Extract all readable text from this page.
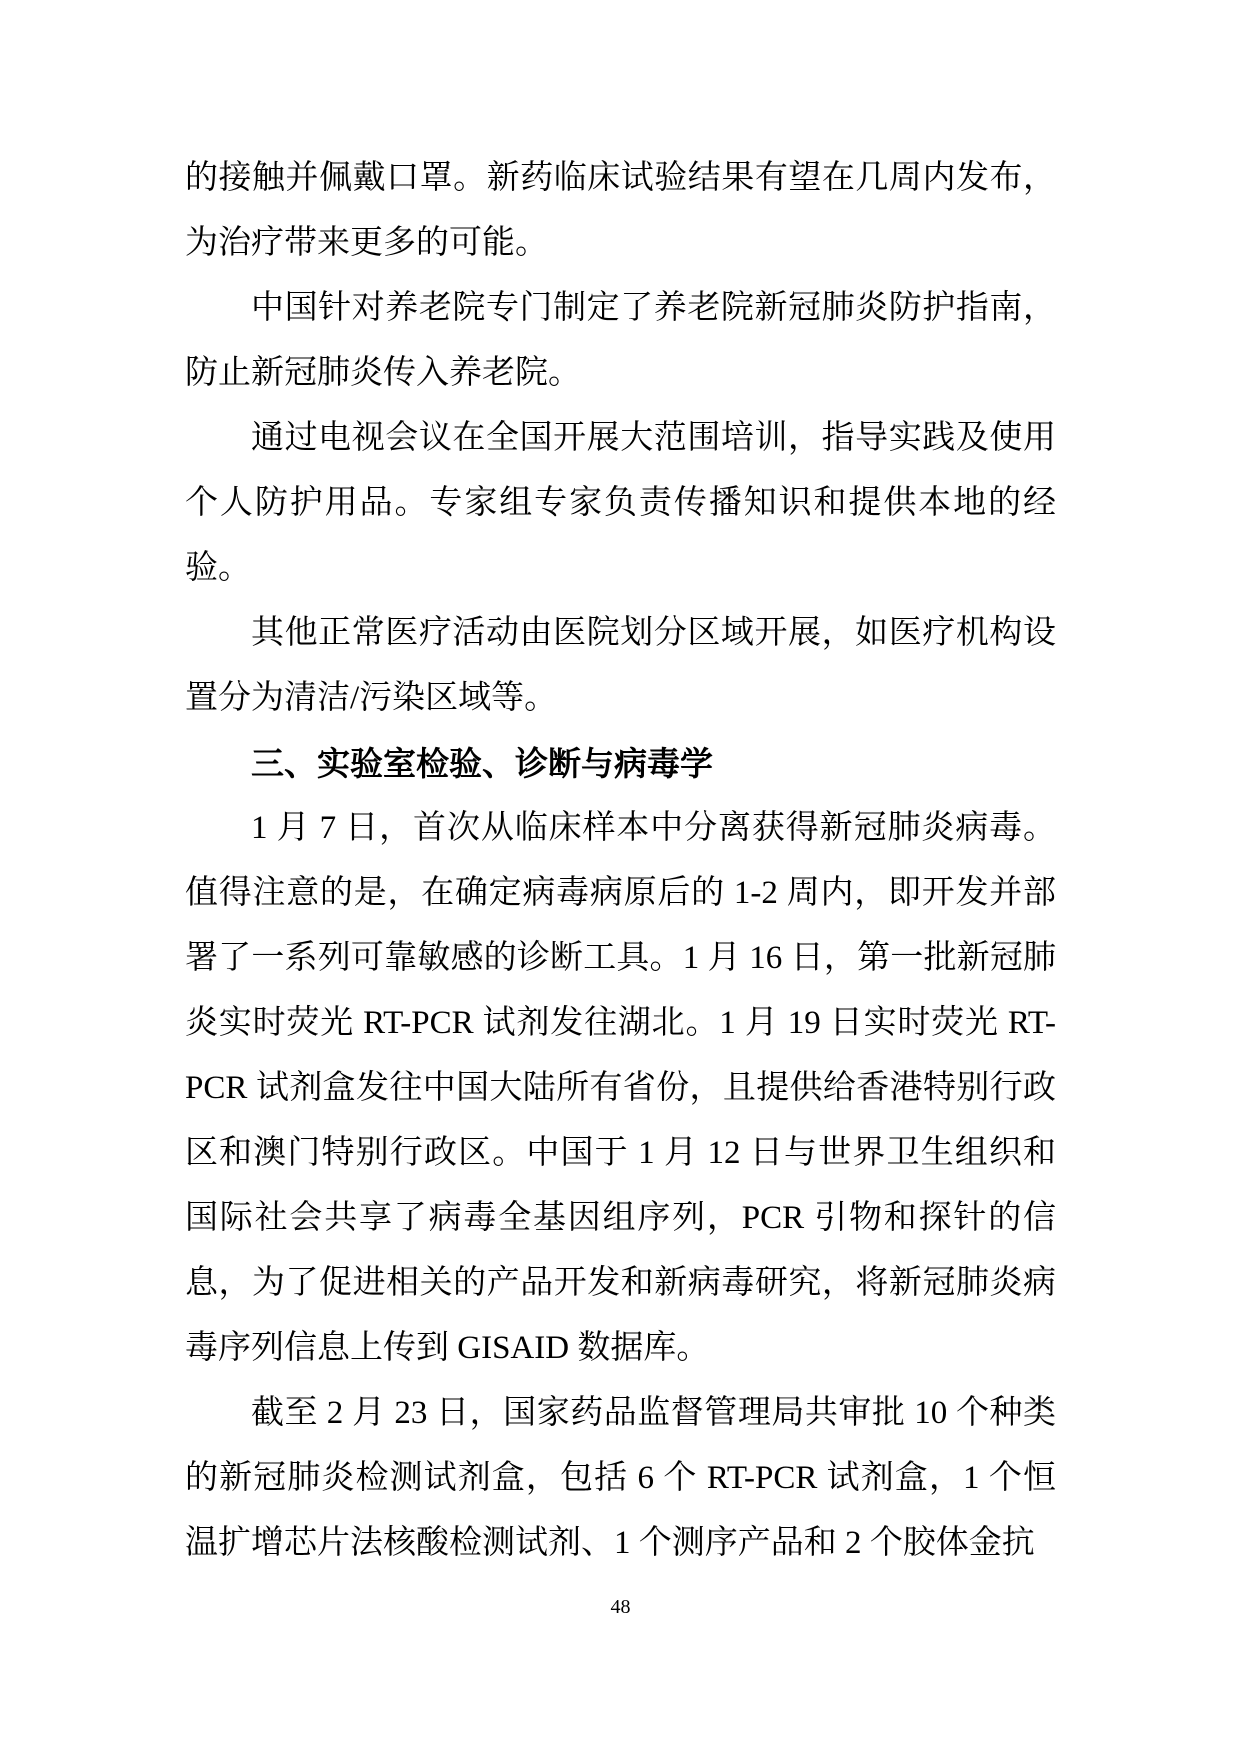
的接触并佩戴口罩。新药临床试验结果有望在几周内发布，为治疗带来更多的可能。

中国针对养老院专门制定了养老院新冠肺炎防护指南，防止新冠肺炎传入养老院。

通过电视会议在全国开展大范围培训，指导实践及使用个人防护用品。专家组专家负责传播知识和提供本地的经验。

其他正常医疗活动由医院划分区域开展，如医疗机构设置分为清洁/污染区域等。

三、实验室检验、诊断与病毒学

1 月 7 日，首次从临床样本中分离获得新冠肺炎病毒。值得注意的是，在确定病毒病原后的 1-2 周内，即开发并部署了一系列可靠敏感的诊断工具。1 月 16 日，第一批新冠肺炎实时荧光 RT-PCR 试剂发往湖北。1 月 19 日实时荧光 RT-PCR 试剂盒发往中国大陆所有省份，且提供给香港特别行政区和澳门特别行政区。中国于 1 月 12 日与世界卫生组织和国际社会共享了病毒全基因组序列，PCR 引物和探针的信息，为了促进相关的产品开发和新病毒研究，将新冠肺炎病毒序列信息上传到 GISAID 数据库。

截至 2 月 23 日，国家药品监督管理局共审批 10 个种类的新冠肺炎检测试剂盒，包括 6 个 RT-PCR 试剂盒，1 个恒温扩增芯片法核酸检测试剂、1 个测序产品和 2 个胶体金抗

48
